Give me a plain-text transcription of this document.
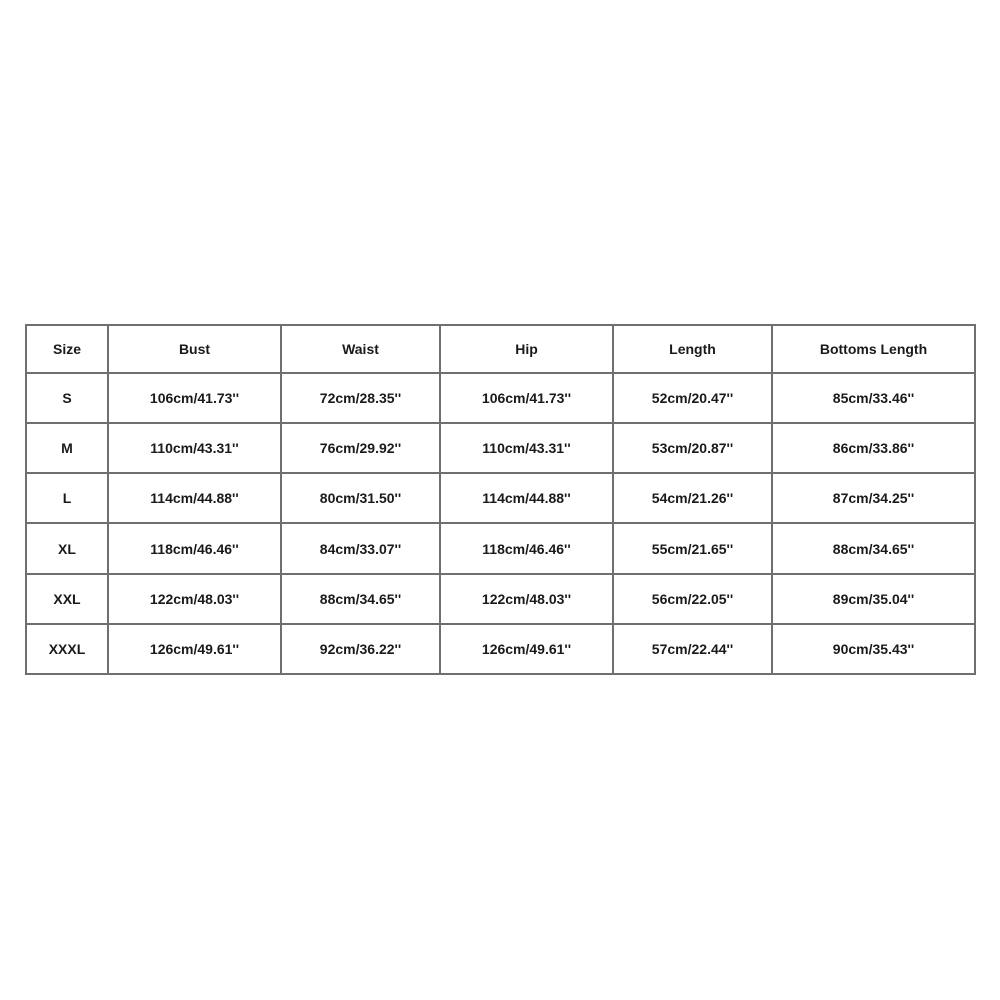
Size	Bust	Waist	Hip	Length	Bottoms Length
S	106cm/41.73''	72cm/28.35''	106cm/41.73''	52cm/20.47''	85cm/33.46''
M	110cm/43.31''	76cm/29.92''	110cm/43.31''	53cm/20.87''	86cm/33.86''
L	114cm/44.88''	80cm/31.50''	114cm/44.88''	54cm/21.26''	87cm/34.25''
XL	118cm/46.46''	84cm/33.07''	118cm/46.46''	55cm/21.65''	88cm/34.65''
XXL	122cm/48.03''	88cm/34.65''	122cm/48.03''	56cm/22.05''	89cm/35.04''
XXXL	126cm/49.61''	92cm/36.22''	126cm/49.61''	57cm/22.44''	90cm/35.43''
